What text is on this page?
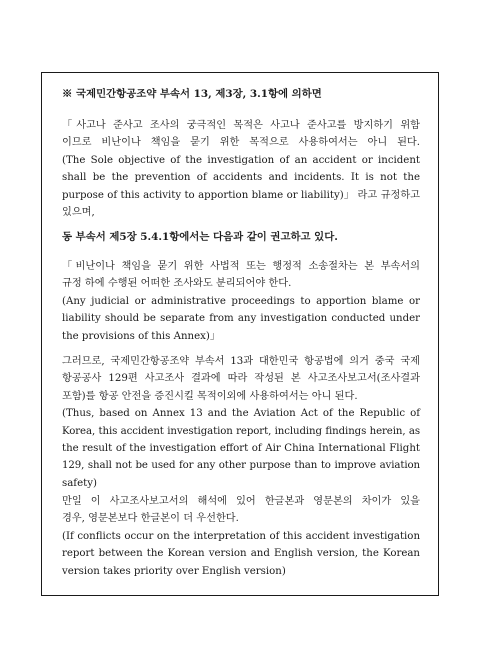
※ 국제민간항공조약 부속서 13, 제3장, 3.1항에 의하면
「사고나 준사고 조사의 궁극적인 목적은 사고나 준사고를 방지하기 위함
이므로 비난이나 책임을 묻기 위한 목적으로 사용하여서는 아니 된다.
(The Sole objective of the investigation of an accident or incident
shall be the prevention of accidents and incidents. It is not the
purpose of this activity to apportion blame or liability)」 라고 규정하고
있으며,
동 부속서 제5장 5.4.1항에서는 다음과 같이 권고하고 있다.
「비난이나 책임을 묻기 위한 사법적 또는 행정적 소송절차는 본 부속서의
규정 하에 수행된 어떠한 조사와도 분리되어야 한다.
(Any judicial or administrative proceedings to apportion blame or
liability should be separate from any investigation conducted under
the provisions of this Annex)」
그러므로, 국제민간항공조약 부속서 13과 대한민국 항공법에 의거 중국 국제
항공공사 129편 사고조사 결과에 따라 작성된 본 사고조사보고서(조사결과
포함)를 항공 안전을 증진시킬 목적이외에 사용하여서는 아니 된다.
(Thus, based on Annex 13 and the Aviation Act of the Republic of
Korea, this accident investigation report, including findings herein, as
the result of the investigation effort of Air China International Flight
129, shall not be used for any other purpose than to improve aviation
safety)
만일 이 사고조사보고서의 해석에 있어 한글본과 영문본의 차이가 있을
경우, 영문본보다 한글본이 더 우선한다.
(If conflicts occur on the interpretation of this accident investigation
report between the Korean version and English version, the Korean
version takes priority over English version)
